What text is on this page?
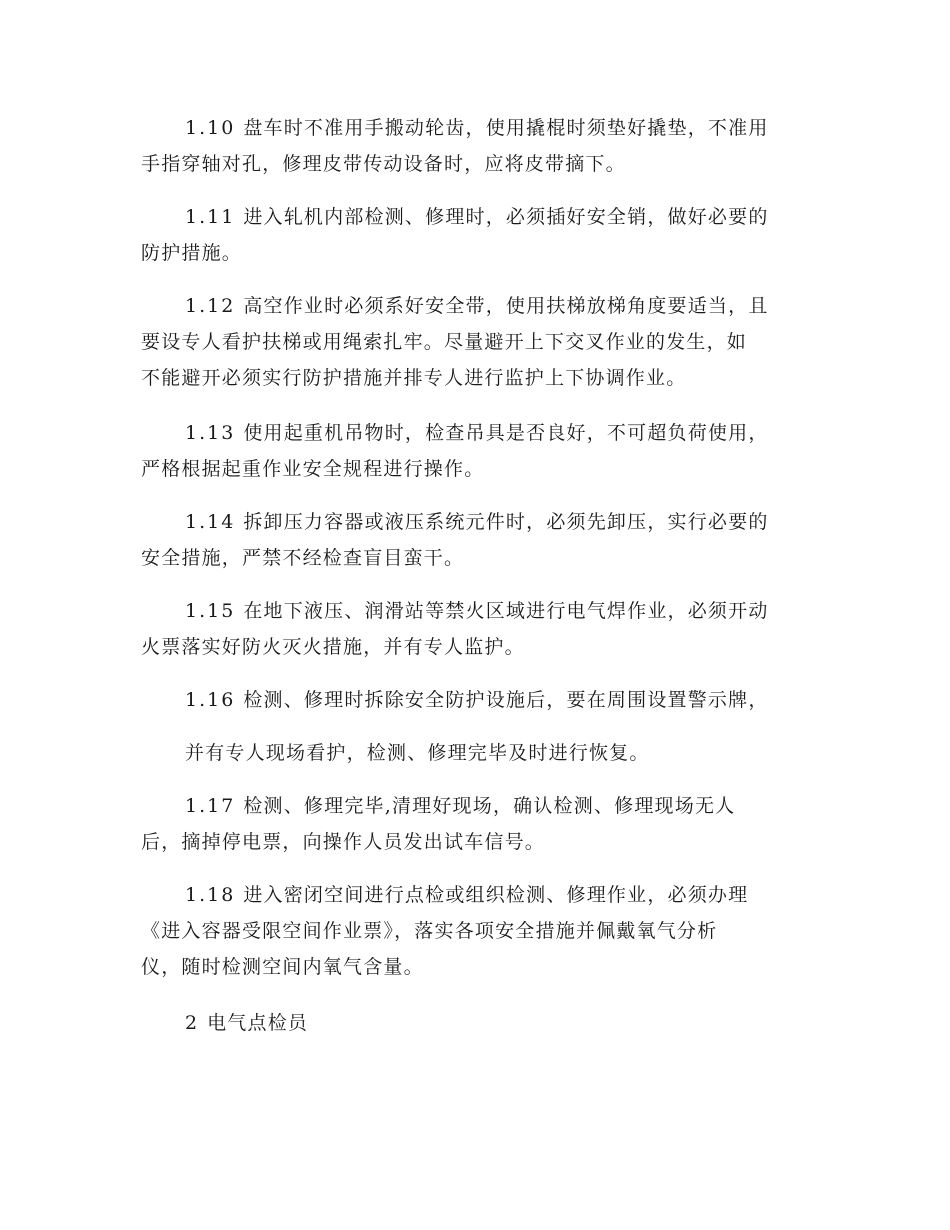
1.10 盘车时不准用手搬动轮齿，使用撬棍时须垫好撬垫，不准用
手指穿轴对孔，修理皮带传动设备时，应将皮带摘下。
1.11 进入轧机内部检测、修理时，必须插好安全销，做好必要的
防护措施。
1.12 高空作业时必须系好安全带，使用扶梯放梯角度要适当，且
要设专人看护扶梯或用绳索扎牢。尽量避开上下交叉作业的发生，如
不能避开必须实行防护措施并排专人进行监护上下协调作业。
1.13 使用起重机吊物时，检查吊具是否良好，不可超负荷使用，
严格根据起重作业安全规程进行操作。
1.14 拆卸压力容器或液压系统元件时，必须先卸压，实行必要的
安全措施，严禁不经检查盲目蛮干。
1.15 在地下液压、润滑站等禁火区域进行电气焊作业，必须开动
火票落实好防火灭火措施，并有专人监护。
1.16 检测、修理时拆除安全防护设施后，要在周围设置警示牌，
并有专人现场看护，检测、修理完毕及时进行恢复。
1.17 检测、修理完毕,清理好现场，确认检测、修理现场无人
后，摘掉停电票，向操作人员发出试车信号。
1.18 进入密闭空间进行点检或组织检测、修理作业，必须办理
《进入容器受限空间作业票》，落实各项安全措施并佩戴氧气分析
仪，随时检测空间内氧气含量。
2 电气点检员
